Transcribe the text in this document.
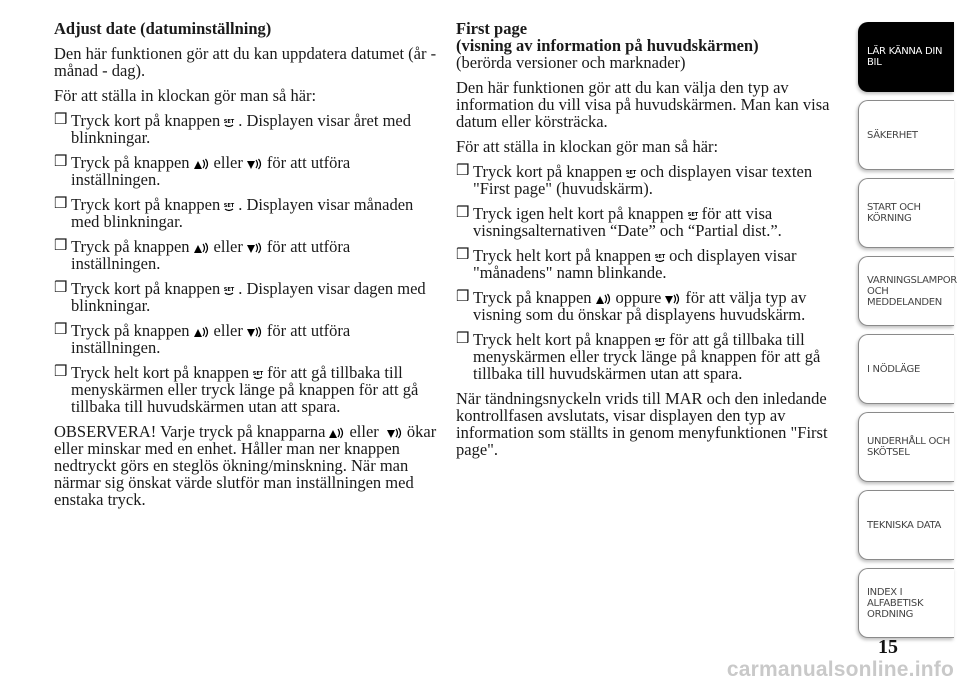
Adjust date (datuminställning)

Den här funktionen gör att du kan uppdatera datumet (år - månad - dag).

För att ställa in klockan gör man så här:

❒ Tryck kort på knappen SET . Displayen visar året med blinkningar.
❒ Tryck på knappen eller för att utföra inställningen.
❒ Tryck kort på knappen SET . Displayen visar månaden med blinkningar.
❒ Tryck på knappen eller för att utföra inställningen.
❒ Tryck kort på knappen SET . Displayen visar dagen med blinkningar.
❒ Tryck på knappen eller för att utföra inställningen.
❒ Tryck helt kort på knappen SET för att gå tillbaka till menyskärmen eller tryck länge på knappen för att gå tillbaka till huvudskärmen utan att spara.

OBSERVERA! Varje tryck på knapparna eller ökar eller minskar med en enhet. Håller man ner knappen nedtryckt görs en steglös ökning/minskning. När man närmar sig önskat värde slutför man inställningen med enstaka tryck.

First page

(visning av information på huvudskärmen)

(berörda versioner och marknader)

Den här funktionen gör att du kan välja den typ av information du vill visa på huvudskärmen. Man kan visa datum eller körsträcka.

För att ställa in klockan gör man så här:

❒ Tryck kort på knappen SET och displayen visar texten "First page" (huvudskärm).
❒ Tryck igen helt kort på knappen SET för att visa visningsalternativen “Date” och “Partial dist.”.
❒ Tryck helt kort på knappen SET och displayen visar "månadens" namn blinkande.
❒ Tryck på knappen oppure för att välja typ av visning som du önskar på displayens huvudskärm.
❒ Tryck helt kort på knappen SET för att gå tillbaka till menyskärmen eller tryck länge på knappen för att gå tillbaka till huvudskärmen utan att spara.

När tändningsnyckeln vrids till MAR och den inledande kontrollfasen avslutats, visar displayen den typ av information som ställts in genom menyfunktionen "First page".

LÄR KÄNNA DIN
BIL
SÄKERHET
START OCH
KÖRNING
VARNINGSLAMPOR
OCH
MEDDELANDEN
I NÖDLÄGE
UNDERHÅLL OCH
SKÖTSEL
TEKNISKA DATA
INDEX I
ALFABETISK
ORDNING
15
carmanualsonline.info
